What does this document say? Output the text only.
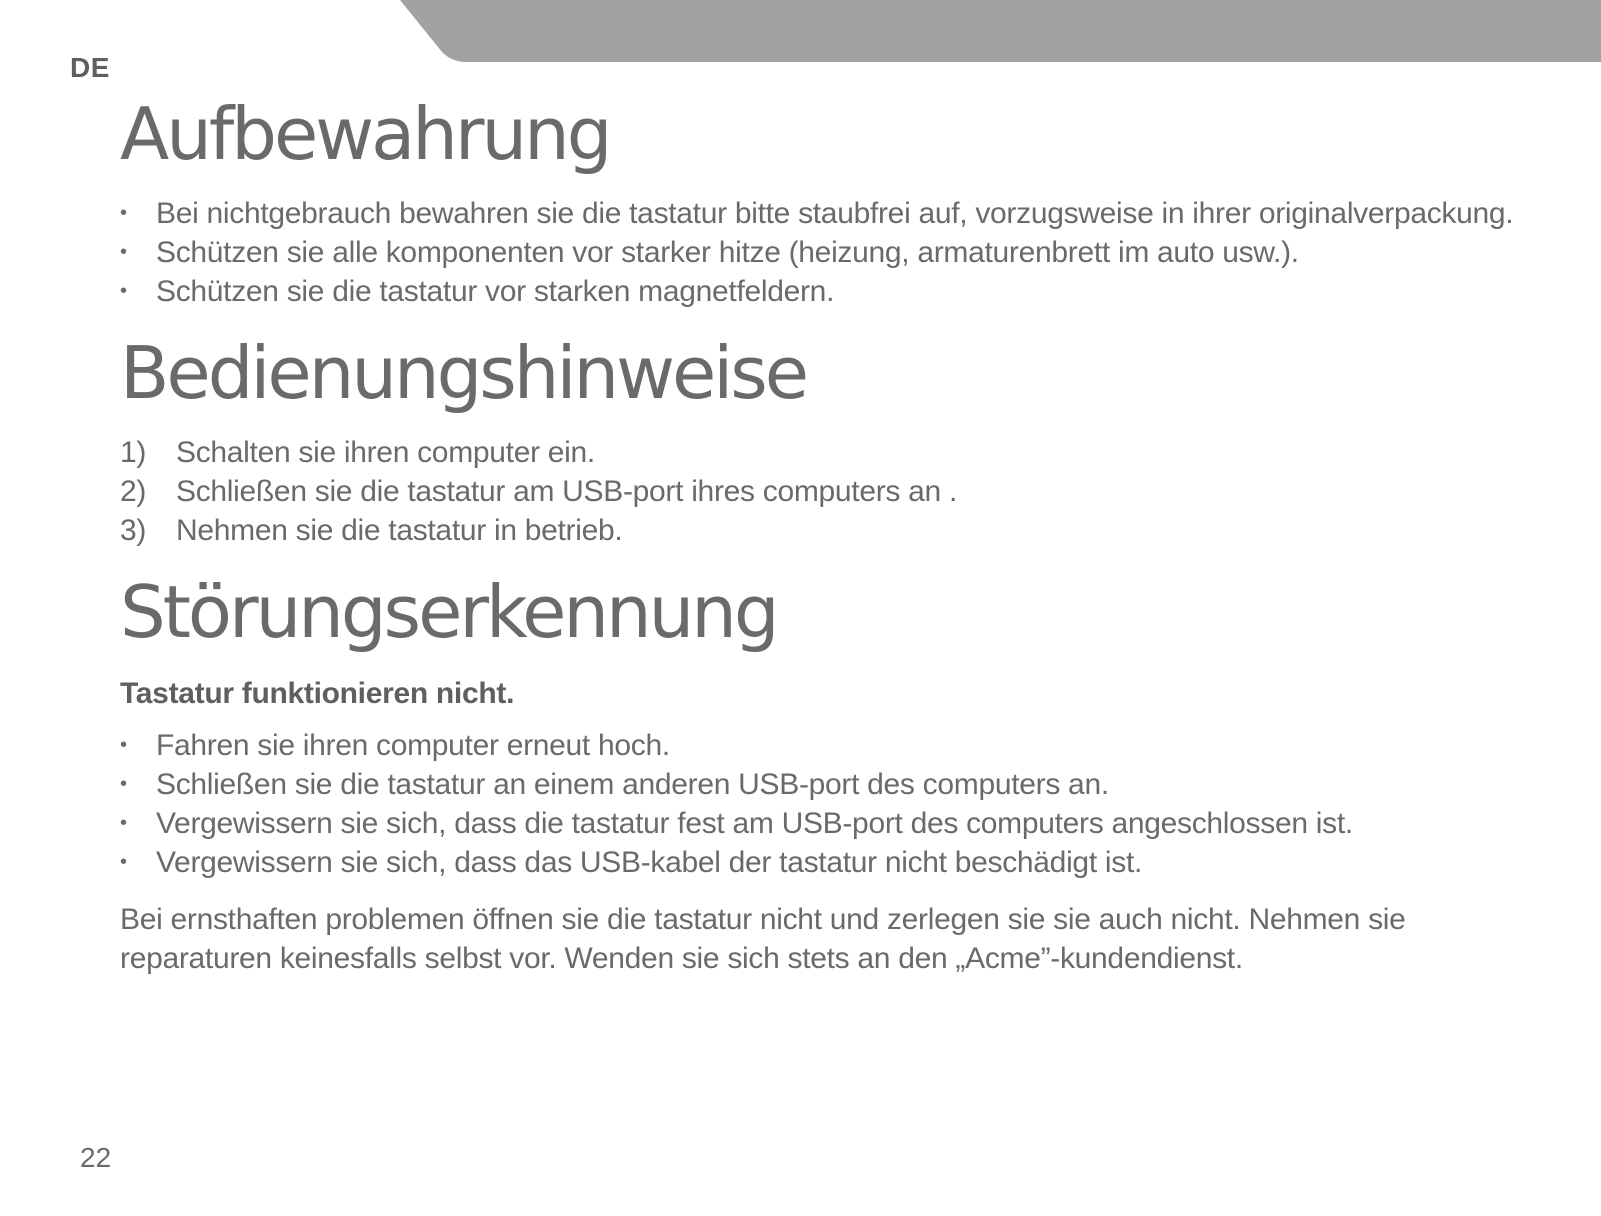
DE
Aufbewahrung
• Bei nichtgebrauch bewahren sie die tastatur bitte staubfrei auf, vorzugsweise in ihrer originalverpackung.
• Schützen sie alle komponenten vor starker hitze (heizung, armaturenbrett im auto usw.).
• Schützen sie die tastatur vor starken magnetfeldern.
Bedienungshinweise
1) Schalten sie ihren computer ein.
2) Schließen sie die tastatur am USB-port ihres computers an .
3) Nehmen sie die tastatur in betrieb.
Störungserkennung

Tastatur funktionieren nicht.

• Fahren sie ihren computer erneut hoch.
• Schließen sie die tastatur an einem anderen USB-port des computers an.
• Vergewissern sie sich, dass die tastatur fest am USB-port des computers angeschlossen ist.
• Vergewissern sie sich, dass das USB-kabel der tastatur nicht beschädigt ist.

Bei ernsthaften problemen öffnen sie die tastatur nicht und zerlegen sie sie auch nicht. Nehmen sie reparaturen keinesfalls selbst vor. Wenden sie sich stets an den „Acme”-kundendienst.

22
